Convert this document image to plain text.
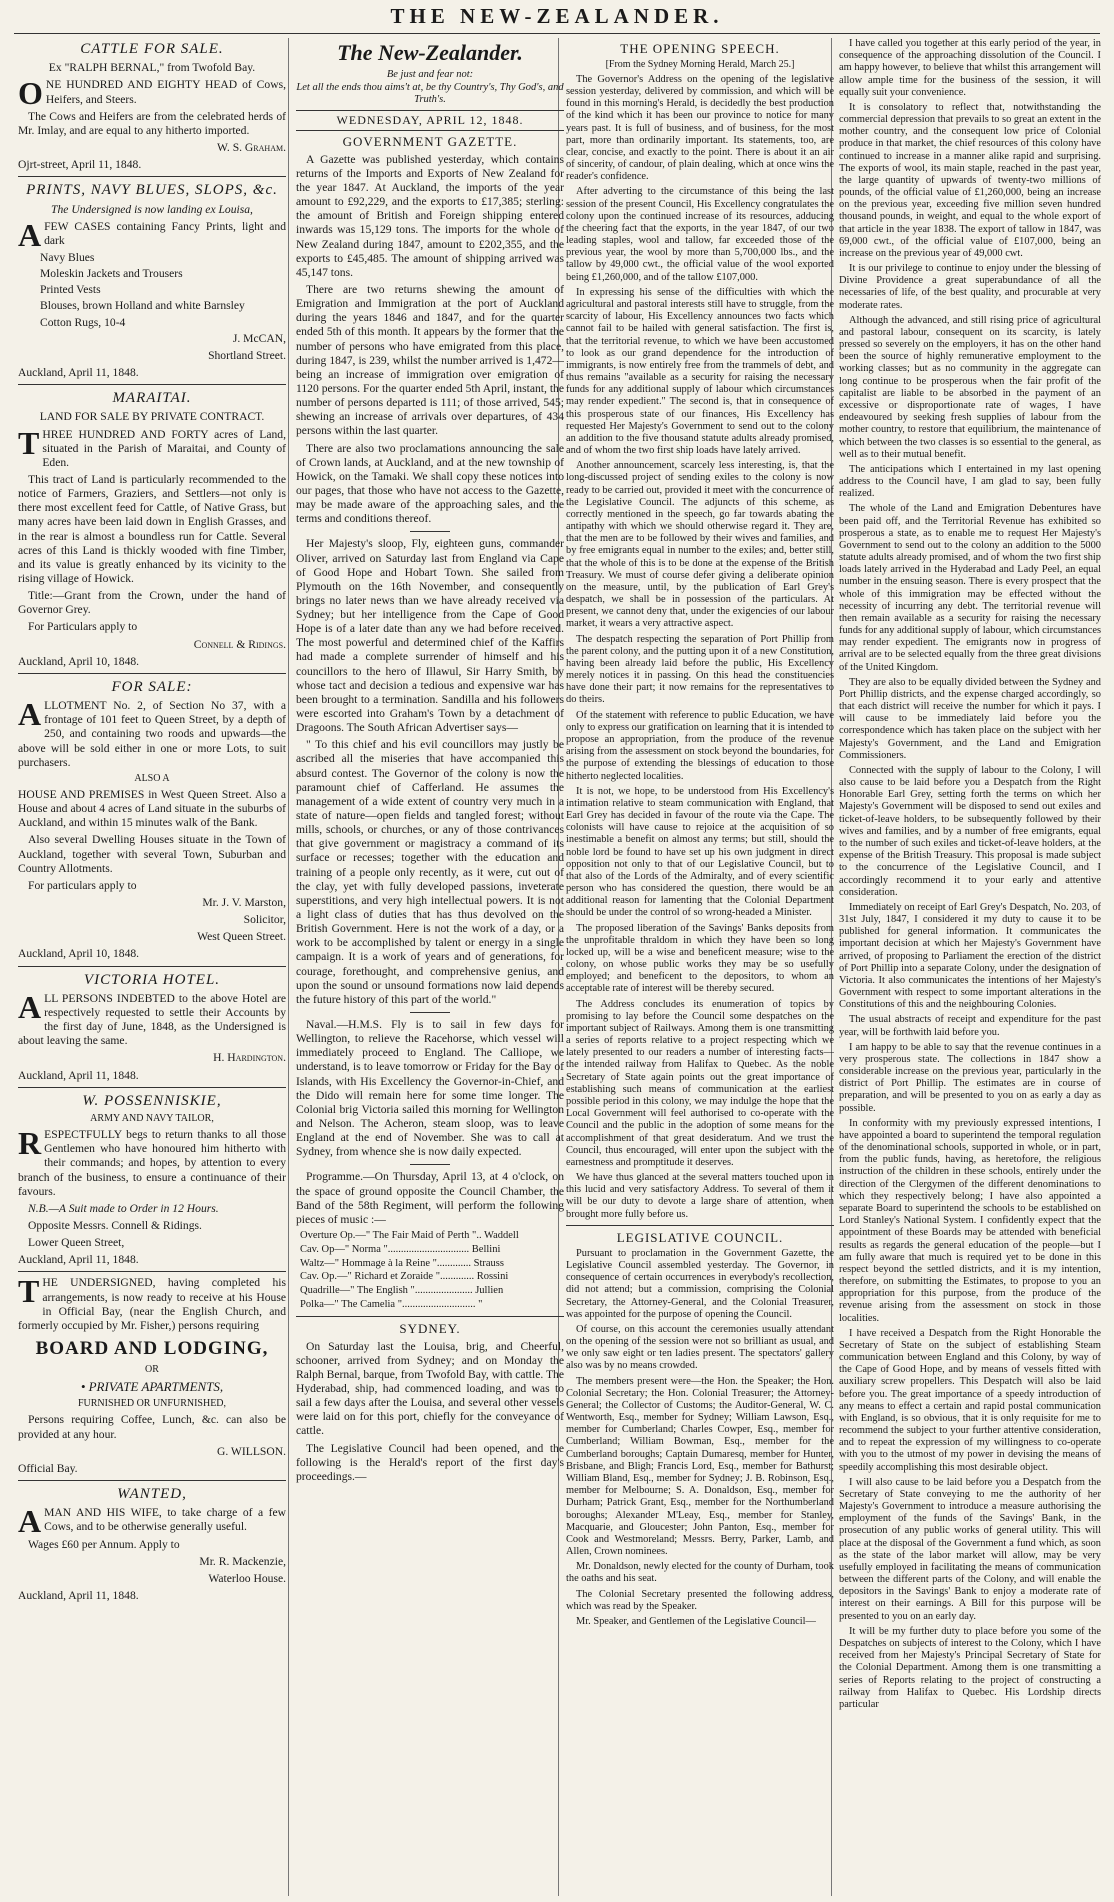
THE NEW-ZEALANDER.
CATTLE FOR SALE.

Ex "RALPH BERNAL," from Twofold Bay.

ONE HUNDRED AND EIGHTY HEAD of Cows, Heifers, and Steers.

The Cows and Heifers are from the celebrated herds of Mr. Imlay, and are equal to any hitherto imported.

W. S. Graham.

Ojrt-street, April 11, 1848.

PRINTS, NAVY BLUES, SLOPS, &c.

The Undersigned is now landing ex Louisa,

AFEW CASES containing Fancy Prints, light and dark

Navy Blues

Moleskin Jackets and Trousers

Printed Vests

Blouses, brown Holland and white Barnsley

Cotton Rugs, 10-4

J. McCAN,

Shortland Street.

Auckland, April 11, 1848.

MARAITAI.

LAND FOR SALE BY PRIVATE CONTRACT.

THREE HUNDRED AND FORTY acres of Land, situated in the Parish of Maraitai, and County of Eden.

This tract of Land is particularly recommended to the notice of Farmers, Graziers, and Settlers—not only is there most excellent feed for Cattle, of Native Grass, but many acres have been laid down in English Grasses, and in the rear is almost a boundless run for Cattle. Several acres of this Land is thickly wooded with fine Timber, and its value is greatly enhanced by its vicinity to the rising village of Howick.

Title:—Grant from the Crown, under the hand of Governor Grey.

For Particulars apply to

Connell & Ridings.

Auckland, April 10, 1848.

FOR SALE:

ALLOTMENT No. 2, of Section No 37, with a frontage of 101 feet to Queen Street, by a depth of 250, and containing two roods and upwards—the above will be sold either in one or more Lots, to suit purchasers.

ALSO A

HOUSE AND PREMISES in West Queen Street. Also a House and about 4 acres of Land situate in the suburbs of Auckland, and within 15 minutes walk of the Bank.

Also several Dwelling Houses situate in the Town of Auckland, together with several Town, Suburban and Country Allotments.

For particulars apply to

Mr. J. V. Marston,

Solicitor,

West Queen Street.

Auckland, April 10, 1848.

VICTORIA HOTEL.

ALL PERSONS INDEBTED to the above Hotel are respectively requested to settle their Accounts by the first day of June, 1848, as the Undersigned is about leaving the same.

H. Hardington.

Auckland, April 11, 1848.

W. POSSENNISKIE,

ARMY AND NAVY TAILOR,

RESPECTFULLY begs to return thanks to all those Gentlemen who have honoured him hitherto with their commands; and hopes, by attention to every branch of the business, to ensure a continuance of their favours.

N.B.—A Suit made to Order in 12 Hours.

Opposite Messrs. Connell & Ridings.

Lower Queen Street,

Auckland, April 11, 1848.

THE UNDERSIGNED, having completed his arrangements, is now ready to receive at his House in Official Bay, (near the English Church, and formerly occupied by Mr. Fisher,) persons requiring

BOARD AND LODGING,

OR

• PRIVATE APARTMENTS,

FURNISHED OR UNFURNISHED,

Persons requiring Coffee, Lunch, &c. can also be provided at any hour.

G. WILLSON.

Official Bay.

WANTED,

AMAN AND HIS WIFE, to take charge of a few Cows, and to be otherwise generally useful.

Wages £60 per Annum. Apply to

Mr. R. Mackenzie,

Waterloo House.

Auckland, April 11, 1848.

The New-Zealander.

Be just and fear not:

Let all the ends thou aims't at, be thy Country's, Thy God's, and Truth's.

WEDNESDAY, APRIL 12, 1848.
GOVERNMENT GAZETTE.

A Gazette was published yesterday, which contains returns of the Imports and Exports of New Zealand for the year 1847. At Auckland, the imports of the year amount to £92,229, and the exports to £17,385; sterling: the amount of British and Foreign shipping entered inwards was 15,129 tons. The imports for the whole of New Zealand during 1847, amount to £202,355, and the exports to £45,485. The amount of shipping arrived was 45,147 tons.

There are two returns shewing the amount of Emigration and Immigration at the port of Auckland during the years 1846 and 1847, and for the quarter ended 5th of this month. It appears by the former that the number of persons who have emigrated from this place, during 1847, is 239, whilst the number arrived is 1,472—being an increase of immigration over emigration of 1120 persons. For the quarter ended 5th April, instant, the number of persons departed is 111; of those arrived, 545; shewing an increase of arrivals over departures, of 434 persons within the last quarter.

There are also two proclamations announcing the sale of Crown lands, at Auckland, and at the new township of Howick, on the Tamaki. We shall copy these notices into our pages, that those who have not access to the Gazette, may be made aware of the approaching sales, and the terms and conditions thereof.

Her Majesty's sloop, Fly, eighteen guns, commander Oliver, arrived on Saturday last from England via Cape of Good Hope and Hobart Town. She sailed from Plymouth on the 16th November, and consequently brings no later news than we have already received via Sydney; but her intelligence from the Cape of Good Hope is of a later date than any we had before received. The most powerful and determined chief of the Kaffirs had made a complete surrender of himself and his councillors to the hero of Illawul, Sir Harry Smith, by whose tact and decision a tedious and expensive war has been brought to a termination. Sandilla and his followers were escorted into Graham's Town by a detachment of Dragoons. The South African Advertiser says—

" To this chief and his evil councillors may justly be ascribed all the miseries that have accompanied this absurd contest. The Governor of the colony is now the paramount chief of Cafferland. He assumes the management of a wide extent of country very much in a state of nature—open fields and tangled forest; without mills, schools, or churches, or any of those contrivances that give government or magistracy a command of its surface or recesses; together with the education and training of a people only recently, as it were, cut out of the clay, yet with fully developed passions, inveterate superstitions, and very high intellectual powers. It is not a light class of duties that has thus devolved on the British Government. Here is not the work of a day, or a work to be accomplished by talent or energy in a single campaign. It is a work of years and of generations, for courage, forethought, and comprehensive genius, and upon the sound or unsound formations now laid depends the future history of this part of the world."

Naval.—H.M.S. Fly is to sail in few days for Wellington, to relieve the Racehorse, which vessel will immediately proceed to England. The Calliope, we understand, is to leave tomorrow or Friday for the Bay of Islands, with His Excellency the Governor-in-Chief, and the Dido will remain here for some time longer. The Colonial brig Victoria sailed this morning for Wellington and Nelson. The Acheron, steam sloop, was to leave England at the end of November. She was to call at Sydney, from whence she is now daily expected.

Programme.—On Thursday, April 13, at 4 o'clock, on the space of ground opposite the Council Chamber, the Band of the 58th Regiment, will perform the following pieces of music :—

Overture Op.—" The Fair Maid of Perth ".. Waddell

Cav. Op—" Norma "............................... Bellini

Waltz—" Hommage à la Reine "............. Strauss

Cav. Op.—" Richard et Zoraide "............. Rossini

Quadrille—" The English "...................... Jullien

Polka—" The Camelia "............................ "

SYDNEY.

On Saturday last the Louisa, brig, and Cheerful, schooner, arrived from Sydney; and on Monday the Ralph Bernal, barque, from Twofold Bay, with cattle. The Hyderabad, ship, had commenced loading, and was to sail a few days after the Louisa, and several other vessels were laid on for this port, chiefly for the conveyance of cattle.

The Legislative Council had been opened, and the following is the Herald's report of the first day's proceedings.—

THE OPENING SPEECH.

[From the Sydney Morning Herald, March 25.]

The Governor's Address on the opening of the legislative session yesterday, delivered by commission, and which will be found in this morning's Herald, is decidedly the best production of the kind which it has been our province to notice for many years past. It is full of business, and of business, for the most part, more than ordinarily important. Its statements, too, are clear, concise, and exactly to the point. There is about it an air of sincerity, of candour, of plain dealing, which at once wins the reader's confidence.

After adverting to the circumstance of this being the last session of the present Council, His Excellency congratulates the colony upon the continued increase of its resources, adducing the cheering fact that the exports, in the year 1847, of our two leading staples, wool and tallow, far exceeded those of the previous year, the wool by more than 5,700,000 lbs., and the tallow by 49,000 cwt., the official value of the wool exported being £1,260,000, and of the tallow £107,000.

In expressing his sense of the difficulties with which the agricultural and pastoral interests still have to struggle, from the scarcity of labour, His Excellency announces two facts which cannot fail to be hailed with general satisfaction. The first is, that the territorial revenue, to which we have been accustomed to look as our grand dependence for the introduction of immigrants, is now entirely free from the trammels of debt, and thus remains "available as a security for raising the necessary funds for any additional supply of labour which circumstances may render expedient." The second is, that in consequence of this prosperous state of our finances, His Excellency has requested Her Majesty's Government to send out to the colony an addition to the five thousand statute adults already promised, and of whom the two first ship loads have lately arrived.

Another announcement, scarcely less interesting, is, that the long-discussed project of sending exiles to the colony is now ready to be carried out, provided it meet with the concurrence of the Legislative Council. The adjuncts of this scheme, as correctly mentioned in the speech, go far towards abating the antipathy with which we should otherwise regard it. They are, that the men are to be followed by their wives and families, and by free emigrants equal in number to the exiles; and, better still, that the whole of this is to be done at the expense of the British Treasury. We must of course defer giving a deliberate opinion on the measure, until, by the publication of Earl Grey's despatch, we shall be in possession of the particulars. At present, we cannot deny that, under the exigencies of our labour market, it wears a very attractive aspect.

The despatch respecting the separation of Port Phillip from the parent colony, and the putting upon it of a new Constitution, having been already laid before the public, His Excellency merely notices it in passing. On this head the constituencies have done their part; it now remains for the representatives to do theirs.

Of the statement with reference to public Education, we have only to express our gratification on learning that it is intended to propose an appropriation, from the produce of the revenue arising from the assessment on stock beyond the boundaries, for the purpose of extending the blessings of education to those hitherto neglected localities.

It is not, we hope, to be understood from His Excellency's intimation relative to steam communication with England, that Earl Grey has decided in favour of the route via the Cape. The colonists will have cause to rejoice at the acquisition of so inestimable a benefit on almost any terms; but still, should the noble lord be found to have set up his own judgment in direct opposition not only to that of our Legislative Council, but to that also of the Lords of the Admiralty, and of every scientific person who has considered the question, there would be an additional reason for lamenting that the Colonial Department should be under the control of so wrong-headed a Minister.

The proposed liberation of the Savings' Banks deposits from the unprofitable thraldom in which they have been so long locked up, will be a wise and beneficent measure; wise to the colony, on whose public works they may be so usefully employed; and beneficent to the depositors, to whom an acceptable rate of interest will be thereby secured.

The Address concludes its enumeration of topics by promising to lay before the Council some despatches on the important subject of Railways. Among them is one transmitting a series of reports relative to a project respecting which we lately presented to our readers a number of interesting facts—the intended railway from Halifax to Quebec. As the noble Secretary of State again points out the great importance of establishing such means of communication at the earliest possible period in this colony, we may indulge the hope that the Local Government will feel authorised to co-operate with the Council and the public in the adoption of some means for the accomplishment of that great desideratum. And we trust the Council, thus encouraged, will enter upon the subject with the earnestness and promptitude it deserves.

We have thus glanced at the several matters touched upon in this lucid and very satisfactory Address. To several of them it will be our duty to devote a large share of attention, when brought more fully before us.

LEGISLATIVE COUNCIL.

Pursuant to proclamation in the Government Gazette, the Legislative Council assembled yesterday. The Governor, in consequence of certain occurrences in everybody's recollection, did not attend; but a commission, comprising the Colonial Secretary, the Attorney-General, and the Colonial Treasurer, was appointed for the purpose of opening the Council.

Of course, on this account the ceremonies usually attendant on the opening of the session were not so brilliant as usual, and we only saw eight or ten ladies present. The spectators' gallery also was by no means crowded.

The members present were—the Hon. the Speaker; the Hon. Colonial Secretary; the Hon. Colonial Treasurer; the Attorney-General; the Collector of Customs; the Auditor-General, W. C. Wentworth, Esq., member for Sydney; William Lawson, Esq., member for Cumberland; Charles Cowper, Esq., member for Cumberland; William Bowman, Esq., member for the Cumberland boroughs; Captain Dumaresq, member for Hunter, Brisbane, and Bligh; Francis Lord, Esq., member for Bathurst; William Bland, Esq., member for Sydney; J. B. Robinson, Esq., member for Melbourne; S. A. Donaldson, Esq., member for Durham; Patrick Grant, Esq., member for the Northumberland boroughs; Alexander M'Leay, Esq., member for Stanley, Macquarie, and Gloucester; John Panton, Esq., member for Cook and Westmoreland; Messrs. Berry, Parker, Lamb, and Allen, Crown nominees.

Mr. Donaldson, newly elected for the county of Durham, took the oaths and his seat.

The Colonial Secretary presented the following address, which was read by the Speaker.

Mr. Speaker, and Gentlemen of the Legislative Council—

I have called you together at this early period of the year, in consequence of the approaching dissolution of the Council. I am happy however, to believe that whilst this arrangement will allow ample time for the business of the session, it will equally suit your convenience.

It is consolatory to reflect that, notwithstanding the commercial depression that prevails to so great an extent in the mother country, and the consequent low price of Colonial produce in that market, the chief resources of this colony have continued to increase in a manner alike rapid and surprising. The exports of wool, its main staple, reached in the past year, the large quantity of upwards of twenty-two millions of pounds, of the official value of £1,260,000, being an increase on the previous year, exceeding five million seven hundred thousand pounds, in weight, and equal to the whole export of that article in the year 1838. The export of tallow in 1847, was 69,000 cwt., of the official value of £107,000, being an increase on the previous year of 49,000 cwt.

It is our privilege to continue to enjoy under the blessing of Divine Providence a great superabundance of all the necessaries of life, of the best quality, and procurable at very moderate rates.

Although the advanced, and still rising price of agricultural and pastoral labour, consequent on its scarcity, is lately pressed so severely on the employers, it has on the other hand been the source of highly remunerative employment to the working classes; but as no community in the aggregate can long continue to be prosperous when the fair profit of the capitalist are liable to be absorbed in the payment of an excessive or disproportionate rate of wages, I have endeavoured by seeking fresh supplies of labour from the mother country, to restore that equilibrium, the maintenance of which between the two classes is so essential to the general, as well as to their mutual benefit.

The anticipations which I entertained in my last opening address to the Council have, I am glad to say, been fully realized.

The whole of the Land and Emigration Debentures have been paid off, and the Territorial Revenue has exhibited so prosperous a state, as to enable me to request Her Majesty's Government to send out to the colony an addition to the 5000 statute adults already promised, and of whom the two first ship loads lately arrived in the Hyderabad and Lady Peel, an equal number in the ensuing season. There is every prospect that the whole of this immigration may be effected without the necessity of incurring any debt. The territorial revenue will then remain available as a security for raising the necessary funds for any additional supply of labour, which circumstances may render expedient. The emigrants now in progress of arrival are to be selected equally from the three great divisions of the United Kingdom.

They are also to be equally divided between the Sydney and Port Phillip districts, and the expense charged accordingly, so that each district will receive the number for which it pays. I will cause to be immediately laid before you the correspondence which has taken place on the subject with her Majesty's Government, and the Land and Emigration Commissioners.

Connected with the supply of labour to the Colony, I will also cause to be laid before you a Despatch from the Right Honorable Earl Grey, setting forth the terms on which her Majesty's Government will be disposed to send out exiles and ticket-of-leave holders, to be subsequently followed by their wives and families, and by a number of free emigrants, equal to the number of such exiles and ticket-of-leave holders, at the expense of the British Treasury. This proposal is made subject to the concurrence of the Legislative Council, and I accordingly recommend it to your early and attentive consideration.

Immediately on receipt of Earl Grey's Despatch, No. 203, of 31st July, 1847, I considered it my duty to cause it to be published for general information. It communicates the important decision at which her Majesty's Government have arrived, of proposing to Parliament the erection of the district of Port Phillip into a separate Colony, under the designation of Victoria. It also communicates the intentions of her Majesty's Government with respect to some important alterations in the Constitutions of this and the neighbouring Colonies.

The usual abstracts of receipt and expenditure for the past year, will be forthwith laid before you.

I am happy to be able to say that the revenue continues in a very prosperous state. The collections in 1847 show a considerable increase on the previous year, particularly in the district of Port Phillip. The estimates are in course of preparation, and will be presented to you on as early a day as possible.

In conformity with my previously expressed intentions, I have appointed a board to superintend the temporal regulation of the denominational schools, supported in whole, or in part, from the public funds, having, as heretofore, the religious instruction of the children in these schools, entirely under the direction of the Clergymen of the different denominations to which they respectively belong; I have also appointed a separate Board to superintend the schools to be established on Lord Stanley's National System. I confidently expect that the appointment of these Boards may be attended with beneficial results as regards the general education of the people—but I am fully aware that much is required yet to be done in this respect beyond the settled districts, and it is my intention, therefore, on submitting the Estimates, to propose to you an appropriation for this purpose, from the produce of the revenue arising from the assessment on stock in those localities.

I have received a Despatch from the Right Honorable the Secretary of State on the subject of establishing Steam communication between England and this Colony, by way of the Cape of Good Hope, and by means of vessels fitted with auxiliary screw propellers. This Despatch will also be laid before you. The great importance of a speedy introduction of any means to effect a certain and rapid postal communication with England, is so obvious, that it is only requisite for me to recommend the subject to your further attentive consideration, and to repeat the expression of my willingness to co-operate with you to the utmost of my power in devising the means of speedily accomplishing this most desirable object.

I will also cause to be laid before you a Despatch from the Secretary of State conveying to me the authority of her Majesty's Government to introduce a measure authorising the employment of the funds of the Savings' Bank, in the prosecution of any public works of general utility. This will place at the disposal of the Government a fund which, as soon as the state of the labor market will allow, may be very usefully employed in facilitating the means of communication between the different parts of the Colony, and will enable the depositors in the Savings' Bank to enjoy a moderate rate of interest on their earnings. A Bill for this purpose will be presented to you on an early day.

It will be my further duty to place before you some of the Despatches on subjects of interest to the Colony, which I have received from her Majesty's Principal Secretary of State for the Colonial Department. Among them is one transmitting a series of Reports relating to the project of constructing a railway from Halifax to Quebec. His Lordship directs particular
